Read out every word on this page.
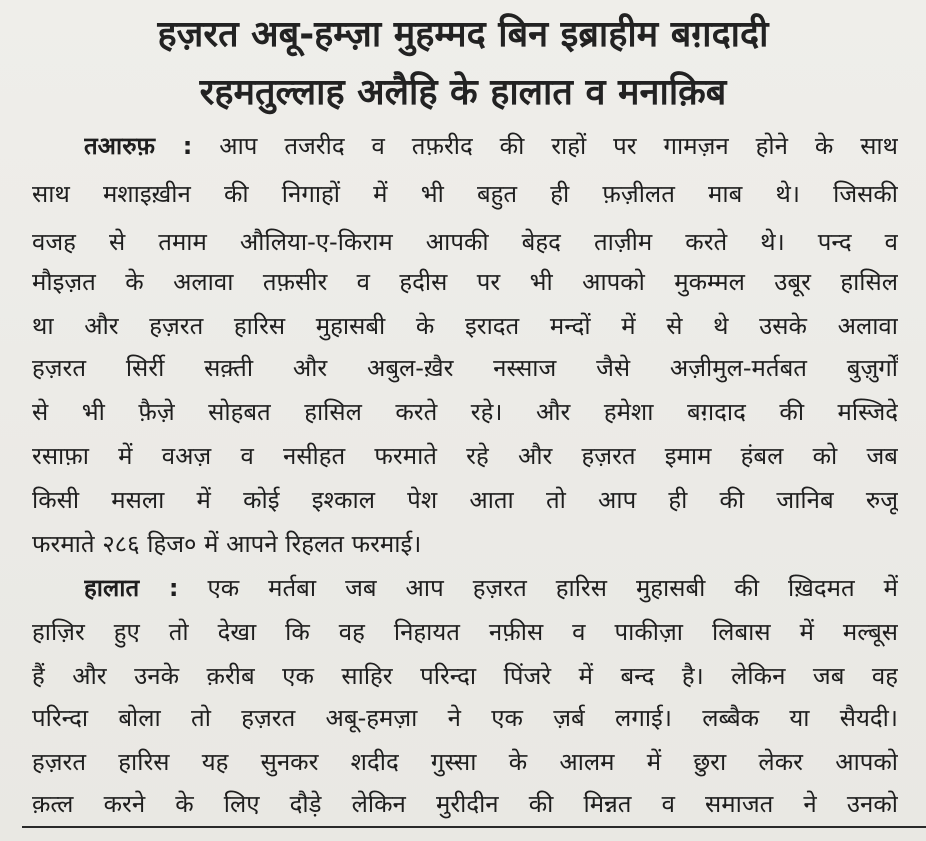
हज़रत अबू-हम्ज़ा मुहम्मद बिन इब्राहीम बग़दादी
रहमतुल्लाह अलैहि के हालात व मनाक़िब
तआरुफ़ : आप तजरीद व तफ़रीद की राहों पर गामज़न होने के साथ
साथ मशाइख़ीन की निगाहों में भी बहुत ही फ़ज़ीलत माब थे। जिसकी
वजह से तमाम औलिया-ए-किराम आपकी बेहद ताज़ीम करते थे। पन्द व
मौइज़त के अलावा तफ़सीर व हदीस पर भी आपको मुकम्मल उबूर हासिल
था और हज़रत हारिस मुहासबी के इरादत मन्दों में से थे उसके अलावा
हज़रत सिर्री सक़्ती और अबुल-ख़ैर नस्साज जैसे अज़ीमुल-मर्तबत बुज़ुर्गों
से भी फ़ैज़े सोहबत हासिल करते रहे। और हमेशा बग़दाद की मस्जिदे
रसाफ़ा में वअज़ व नसीहत फरमाते रहे और हज़रत इमाम हंबल को जब
किसी मसला में कोई इश्काल पेश आता तो आप ही की जानिब रुजू
फरमाते २८६ हिज० में आपने रिहलत फरमाई।
हालात : एक मर्तबा जब आप हज़रत हारिस मुहासबी की ख़िदमत में
हाज़िर हुए तो देखा कि वह निहायत नफ़ीस व पाकीज़ा लिबास में मल्बूस
हैं और उनके क़रीब एक साहिर परिन्दा पिंजरे में बन्द है। लेकिन जब वह
परिन्दा बोला तो हज़रत अबू-हमज़ा ने एक ज़र्ब लगाई। लब्बैक या सैयदी।
हज़रत हारिस यह सुनकर शदीद गुस्सा के आलम में छुरा लेकर आपको
क़त्ल करने के लिए दौड़े लेकिन मुरीदीन की मिन्नत व समाजत ने उनको
